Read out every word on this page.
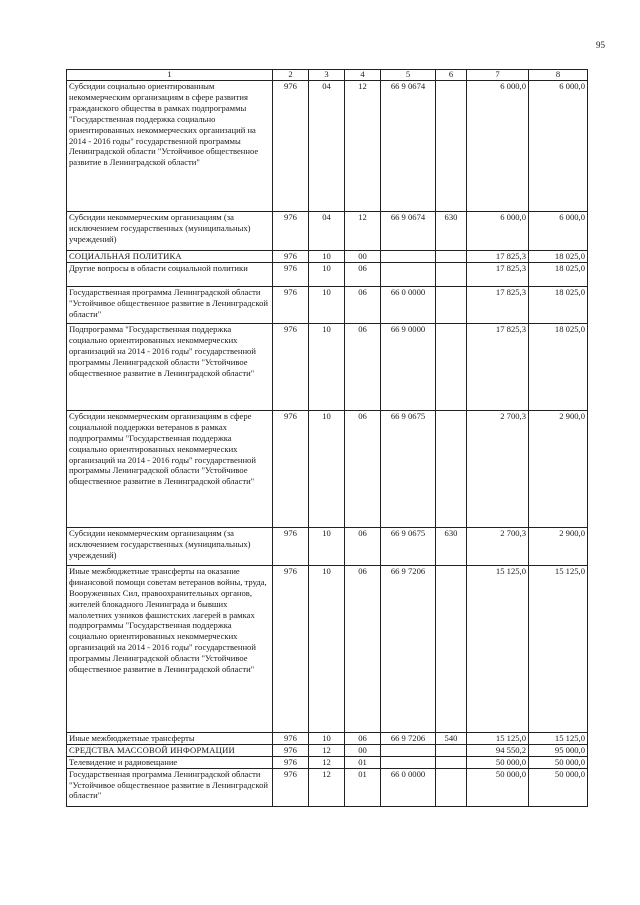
95
1	2	3	4	5	6	7	8
Субсидии социально ориентированным некоммерческим организациям в сфере развития гражданского общества в рамках подпрограммы "Государственная поддержка социально ориентированных некоммерческих организаций на 2014 - 2016 годы" государственной программы Ленинградской области "Устойчивое общественное развитие в Ленинградской области"	976	04	12	66 9 0674		6 000,0	6 000,0
Субсидии некоммерческим организациям (за исключением государственных (муниципальных) учреждений)	976	04	12	66 9 0674	630	6 000,0	6 000,0
СОЦИАЛЬНАЯ ПОЛИТИКА	976	10	00			17 825,3	18 025,0
Другие вопросы в области социальной политики	976	10	06			17 825,3	18 025,0
Государственная программа Ленинградской области "Устойчивое общественное развитие в Ленинградской области"	976	10	06	66 0 0000		17 825,3	18 025,0
Подпрограмма "Государственная поддержка социально ориентированных некоммерческих организаций на 2014 - 2016 годы" государственной программы Ленинградской области "Устойчивое общественное развитие в Ленинградской области"	976	10	06	66 9 0000		17 825,3	18 025,0
Субсидии некоммерческим организациям в сфере социальной поддержки ветеранов в рамках подпрограммы "Государственная поддержка социально ориентированных некоммерческих организаций на 2014 - 2016 годы" государственной программы Ленинградской области "Устойчивое общественное развитие в Ленинградской области"	976	10	06	66 9 0675		2 700,3	2 900,0
Субсидии некоммерческим организациям (за исключением государственных (муниципальных) учреждений)	976	10	06	66 9 0675	630	2 700,3	2 900,0
Иные межбюджетные трансферты на оказание финансовой помощи советам ветеранов войны, труда, Вооруженных Сил, правоохранительных органов, жителей блокадного Ленинграда и бывших малолетних узников фашистских лагерей в рамках подпрограммы "Государственная поддержка социально ориентированных некоммерческих организаций на 2014 - 2016 годы" государственной программы Ленинградской области "Устойчивое общественное развитие в Ленинградской области"	976	10	06	66 9 7206		15 125,0	15 125,0
Иные межбюджетные трансферты	976	10	06	66 9 7206	540	15 125,0	15 125,0
СРЕДСТВА МАССОВОЙ ИНФОРМАЦИИ	976	12	00			94 550,2	95 000,0
Телевидение и радиовещание	976	12	01			50 000,0	50 000,0
Государственная программа Ленинградской области "Устойчивое общественное развитие в Ленинградской области"	976	12	01	66 0 0000		50 000,0	50 000,0
